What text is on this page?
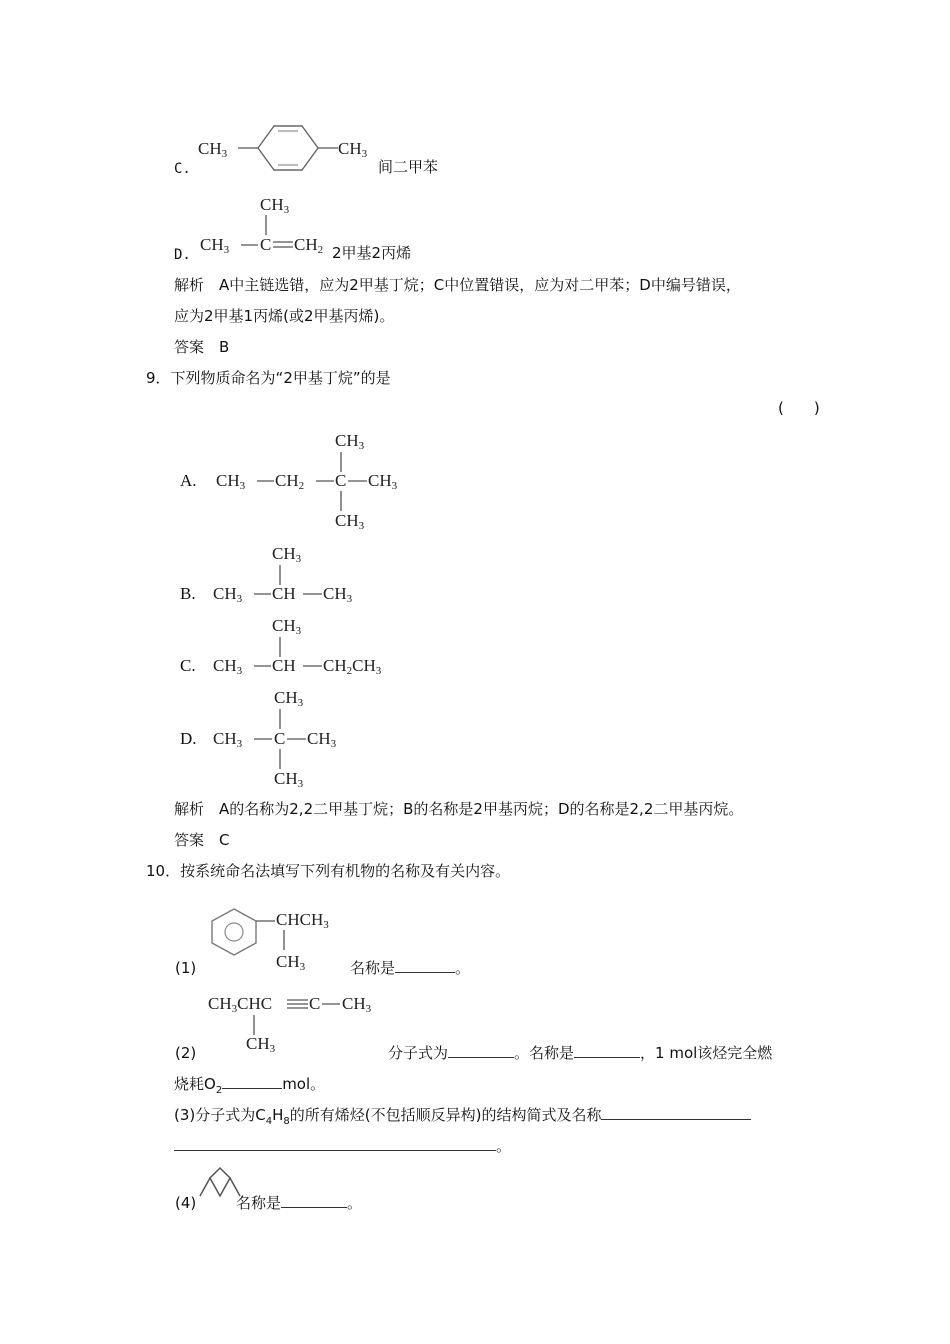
$CH_3$	$CH_3$
C.	间二甲苯
$CH_3$
$CH_3$ C $CH_2$
D.	2甲基2丙烯
解析　A中主链选错，应为2甲基丁烷；C中位置错误，应为对二甲苯；D中编号错误，
应为2甲基1丙烯(或2甲基丙烯)。
答案　B
9．下列物质命名为“2甲基丁烷”的是
(　　)
$CH_3$
A. $CH_3$ $CH_2$ C $CH_3$
$CH_3$
$CH_3$
B. $CH_3$ CH $CH_3$
$CH_3$
C. $CH_3$ CH $CH_2CH_3$
$CH_3$
D. $CH_3$ C $CH_3$
$CH_3$
解析　A的名称为2,2二甲基丁烷；B的名称是2甲基丙烷；D的名称是2,2二甲基丙烷。
答案　C
10．按系统命名法填写下列有机物的名称及有关内容。
$CHCH_3$
$CH_3$
(1)	名称是	。
$CH_3CHC$ C $CH_3$
$CH_3$
(2)	分子式为	。名称是	，1 mol该烃完全燃
烧耗$O_2$	mol。
(3)分子式为$C_4H_8$的所有烯烃(不包括顺反异构)的结构简式及名称
。
(4)	名称是	。
